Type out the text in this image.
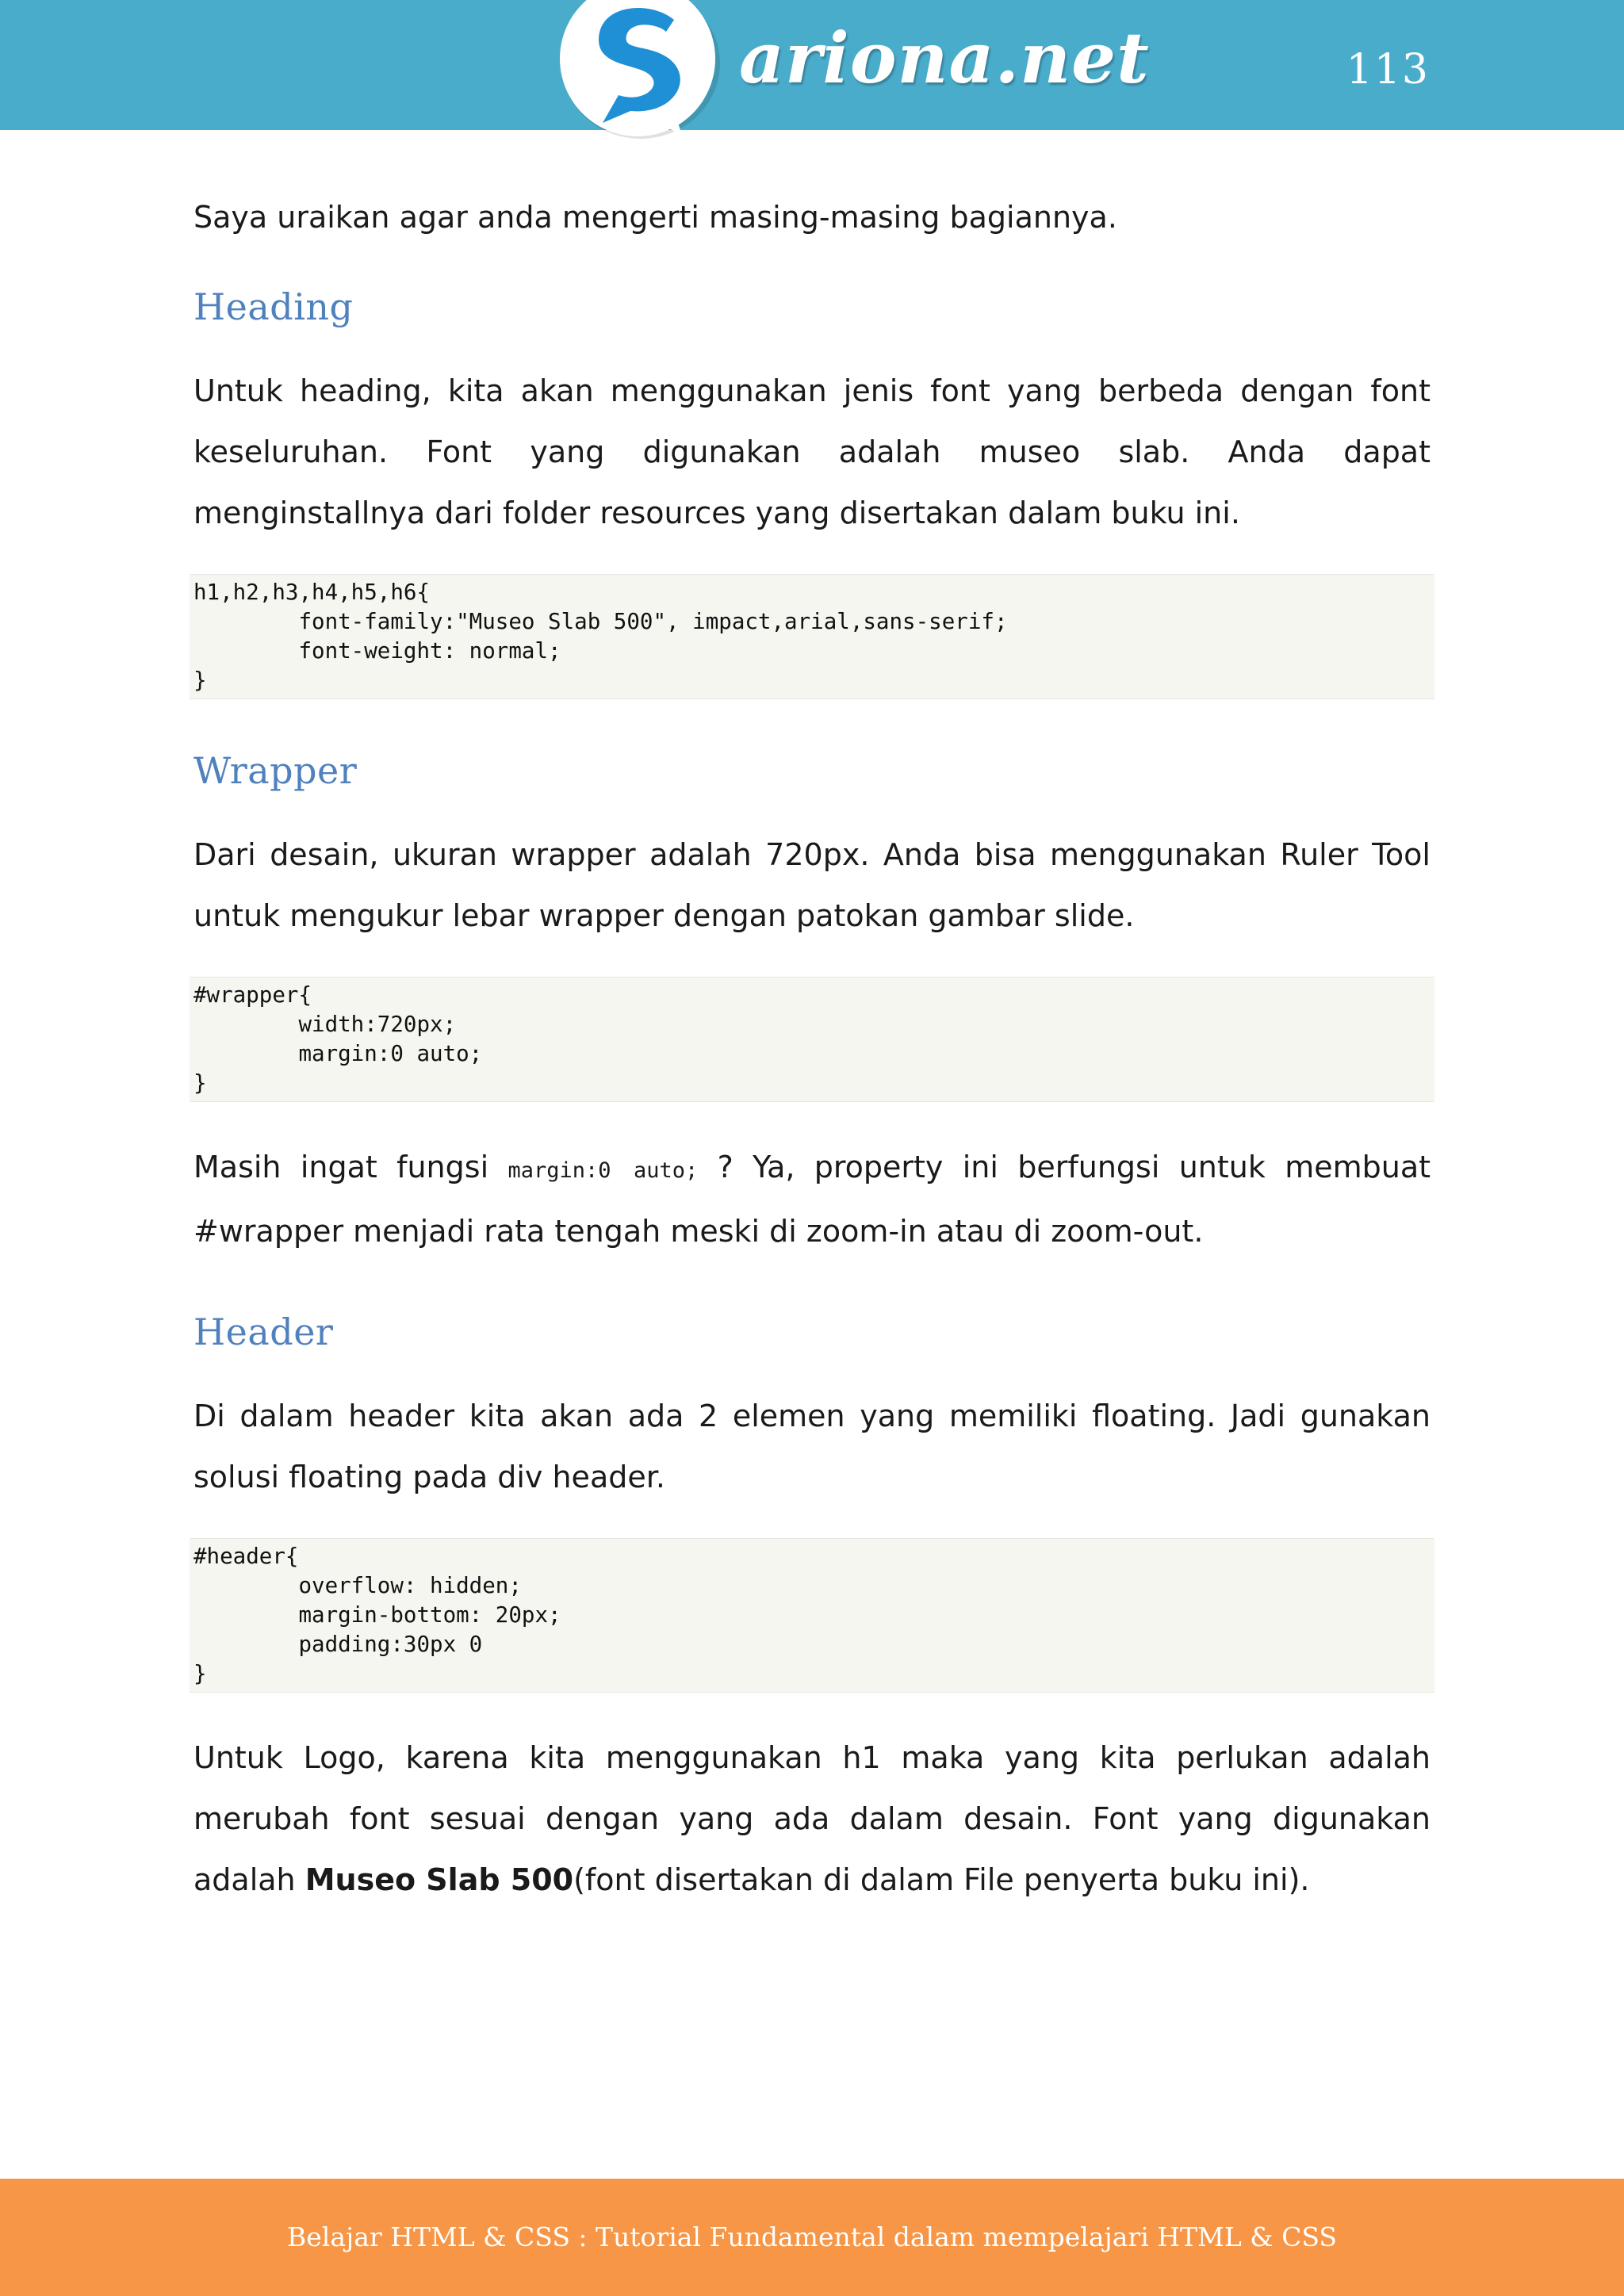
ariona.net	113

Saya uraikan agar anda mengerti masing-masing bagiannya.

Heading

Untuk heading, kita akan menggunakan jenis font yang berbeda dengan font keseluruhan. Font yang digunakan adalah museo slab. Anda dapat menginstallnya dari folder resources yang disertakan dalam buku ini.

h1,h2,h3,h4,h5,h6{
	font-family:"Museo Slab 500", impact,arial,sans-serif;
	font-weight: normal;
}
Wrapper

Dari desain, ukuran wrapper adalah 720px. Anda bisa menggunakan Ruler Tool untuk mengukur lebar wrapper dengan patokan gambar slide.

#wrapper{
	width:720px;
	margin:0 auto;
}

Masih ingat fungsi margin:0 auto; ? Ya, property ini berfungsi untuk membuat #wrapper menjadi rata tengah meski di zoom-in atau di zoom-out.

Header

Di dalam header kita akan ada 2 elemen yang memiliki floating. Jadi gunakan solusi floating pada div header.

#header{
	overflow: hidden;
	margin-bottom: 20px;
	padding:30px 0
}

Untuk Logo, karena kita menggunakan h1 maka yang kita perlukan adalah merubah font sesuai dengan yang ada dalam desain. Font yang digunakan adalah Museo Slab 500(font disertakan di dalam File penyerta buku ini).

Belajar HTML & CSS : Tutorial Fundamental dalam mempelajari HTML & CSS
